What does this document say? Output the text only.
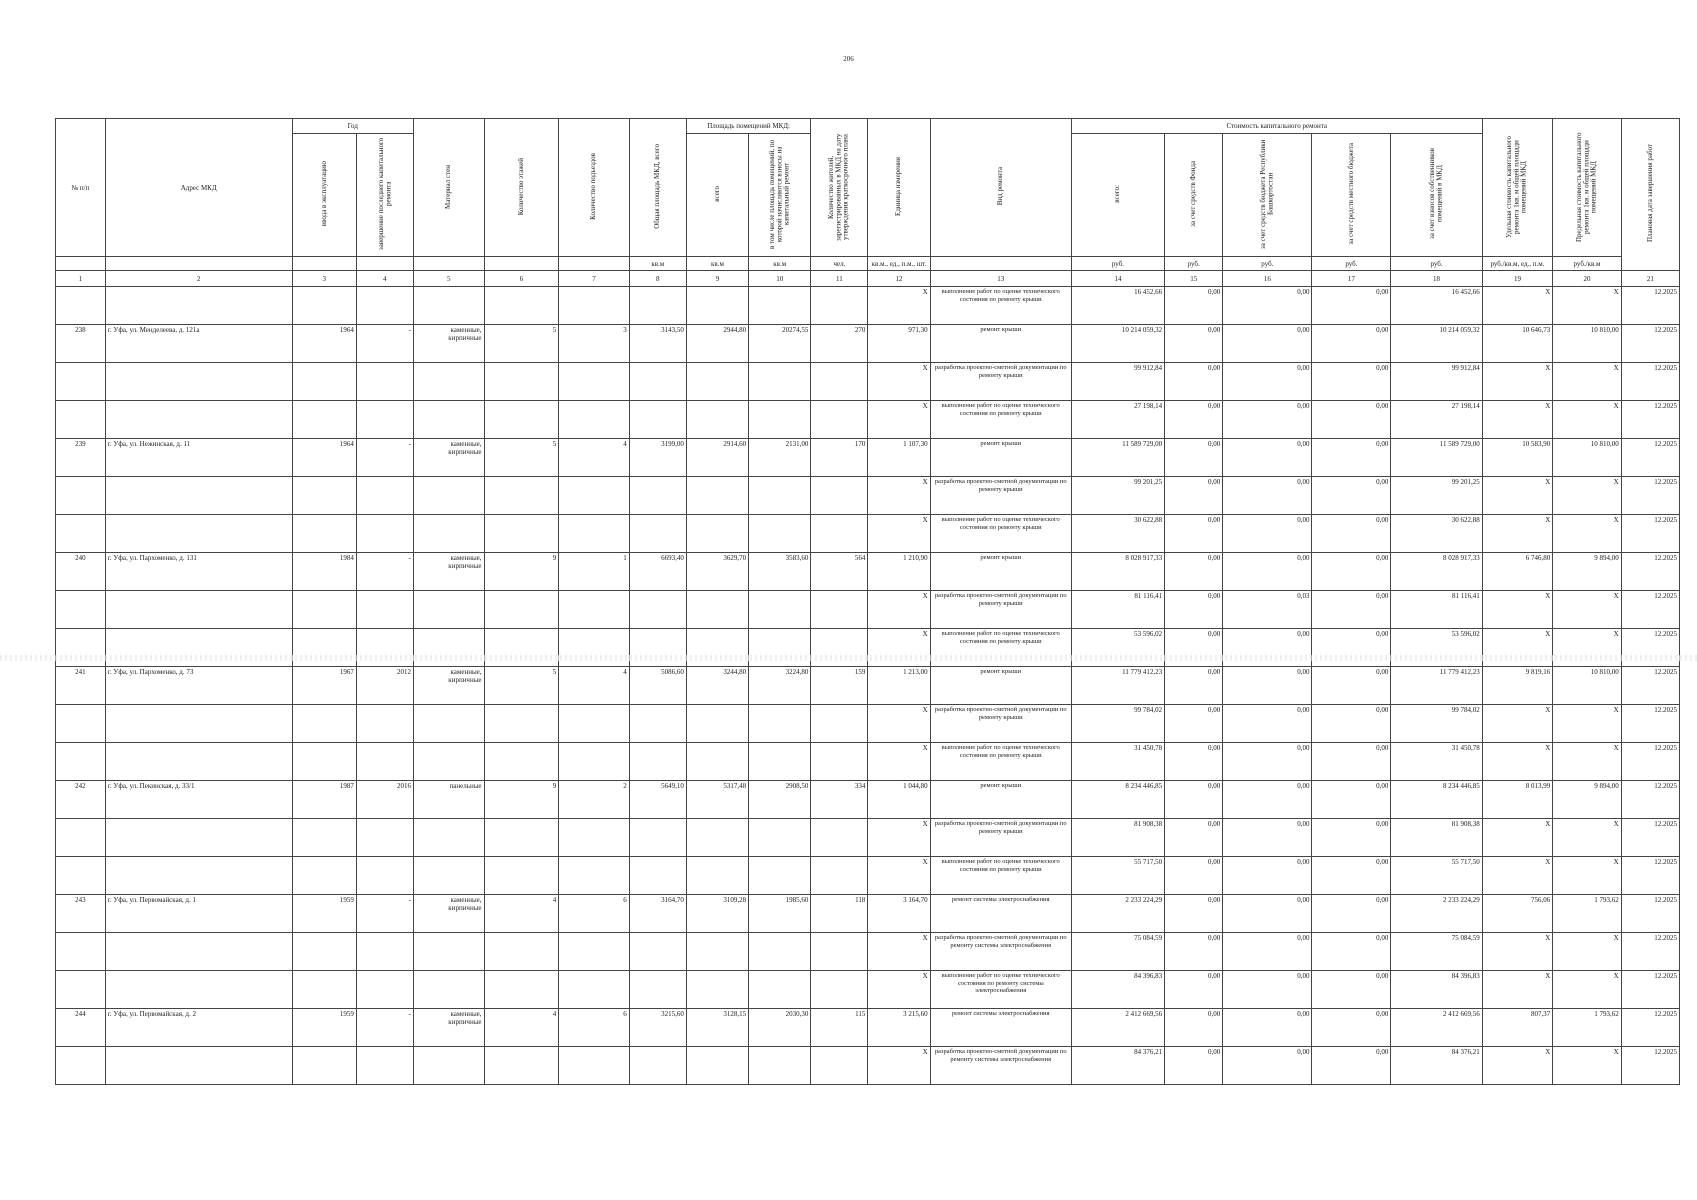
206
№ п/п	Адрес МКД	Год		Материал стен	Количество этажей	Количество подъездов	Общая площадь МКД, всего	Площадь помещений МКД:		Количество жителей, зарегистрированных в МКД на дату утверждения краткосрочного плана	Единица измерения	Вид ремонта	Стоимость капитального ремонта					Удельная стоимость капитального ремонта 1кв. м общей площади помещений МКД	Предельная стоимость капитального ремонта 1кв. м общей площади помещений МКД	Плановая дата завершения работ
		ввода в эксплуатацию	завершение последнего капитального ремонта					всего	в том числе площадь помещений, по которой начисляются взносы на капитальный ремонт				всего:	за счет средств Фонда	за счет средств бюджета Республики Башкортостан	за счет средств местного бюджета	за счет взносов собственников помещений в МКД			
							кв.м	кв.м	кв.м	чел.	кв.м., ед., п.м., шт.		руб.	руб.	руб.	руб.	руб.	руб./кв.м, ед., п.м.	руб./кв.м	
1	2	3	4	5	6	7	8	9	10	11	12	13	14	15	16	17	18	19	20	21
											X	выполнение работ по оценке технического состояния по ремонту крыши	16 452,66	0,00	0,00	0,00	16 452,66	X	X	12.2025
238	г. Уфа, ул. Менделеева, д. 121а	1964	-	каменные, кирпичные	5	3	3143,50	2944,80	20274,55	270	971,30	ремонт крыши	10 214 059,32	0,00	0,00	0,00	10 214 059,32	10 646,73	10 810,00	12.2025
											X	разработка проектно-сметной документации по ремонту крыши	99 912,84	0,00	0,00	0,00	99 912,84	X	X	12.2025
											X	выполнение работ по оценке технического состояния по ремонту крыши	27 198,14	0,00	0,00	0,00	27 198,14	X	X	12.2025
239	г. Уфа, ул. Нежинская, д. 11	1964	-	каменные, кирпичные	5	4	3199,00	2914,60	2131,00	170	1 107,30	ремонт крыши	11 589 729,00	0,00	0,00	0,00	11 589 729,00	10 583,90	10 810,00	12.2025
											X	разработка проектно-сметной документации по ремонту крыши	99 201,25	0,00	0,00	0,00	99 201,25	X	X	12.2025
											X	выполнение работ по оценке технического состояния по ремонту крыши	30 622,88	0,00	0,00	0,00	30 622,88	X	X	12.2025
240	г. Уфа, ул. Пархоменко, д. 131	1984	-	каменные, кирпичные	9	1	6693,40	3629,70	3583,60	564	1 210,90	ремонт крыши	8 028 917,33	0,00	0,00	0,00	8 028 917,33	6 746,80	9 894,00	12.2025
											X	разработка проектно-сметной документации по ремонту крыши	81 116,41	0,00	0,03	0,00	81 116,41	X	X	12.2025
											X	выполнение работ по оценке технического состояния по ремонту крыши	53 596,02	0,00	0,00	0,00	53 596,02	X	X	12.2025
241	г. Уфа, ул. Пархоменко, д. 73	1967	2012	каменные, кирпичные	5	4	5086,60	3244,80	3224,80	159	1 213,00	ремонт крыши	11 779 412,23	0,00	0,00	0,00	11 779 412,23	9 819,16	10 810,00	12.2025
											X	разработка проектно-сметной документации по ремонту крыши	99 784,02	0,00	0,00	0,00	99 784,02	X	X	12.2025
											X	выполнение работ по оценке технического состояния по ремонту крыши	31 450,78	0,00	0,00	0,00	31 450,78	X	X	12.2025
242	г. Уфа, ул. Пекинская, д. 33/1	1987	2016	панельные	9	2	5649,10	5317,48	2908,50	334	1 044,80	ремонт крыши	8 234 446,85	0,00	0,00	0,00	8 234 446,85	8 013,99	9 894,00	12.2025
											X	разработка проектно-сметной документации по ремонту крыши	81 908,38	0,00	0,00	0,00	81 908,38	X	X	12.2025
											X	выполнение работ по оценке технического состояния по ремонту крыши	55 717,50	0,00	0,00	0,00	55 717,50	X	X	12.2025
243	г. Уфа, ул. Первомайская, д. 1	1959	-	каменные, кирпичные	4	6	3164,70	3109,28	1985,60	118	3 164,70	ремонт системы электроснабжения	2 233 224,29	0,00	0,00	0,00	2 233 224,29	756,06	1 793,62	12.2025
											X	разработка проектно-сметной документации по ремонту системы электроснабжения	75 084,59	0,00	0,00	0,00	75 084,59	X	X	12.2025
											X	выполнение работ по оценке технического состояния по ремонту системы электроснабжения	84 396,83	0,00	0,00	0,00	84 396,83	X	X	12.2025
244	г. Уфа, ул. Первомайская, д. 2	1959	-	каменные, кирпичные	4	6	3215,60	3128,15	2030,30	115	3 215,60	ремонт системы электроснабжения	2 412 669,56	0,00	0,00	0,00	2 412 669,56	807,37	1 793,62	12.2025
											X	разработка проектно-сметной документации по ремонту системы электроснабжения	84 376,21	0,00	0,00	0,00	84 376,21	X	X	12.2025
